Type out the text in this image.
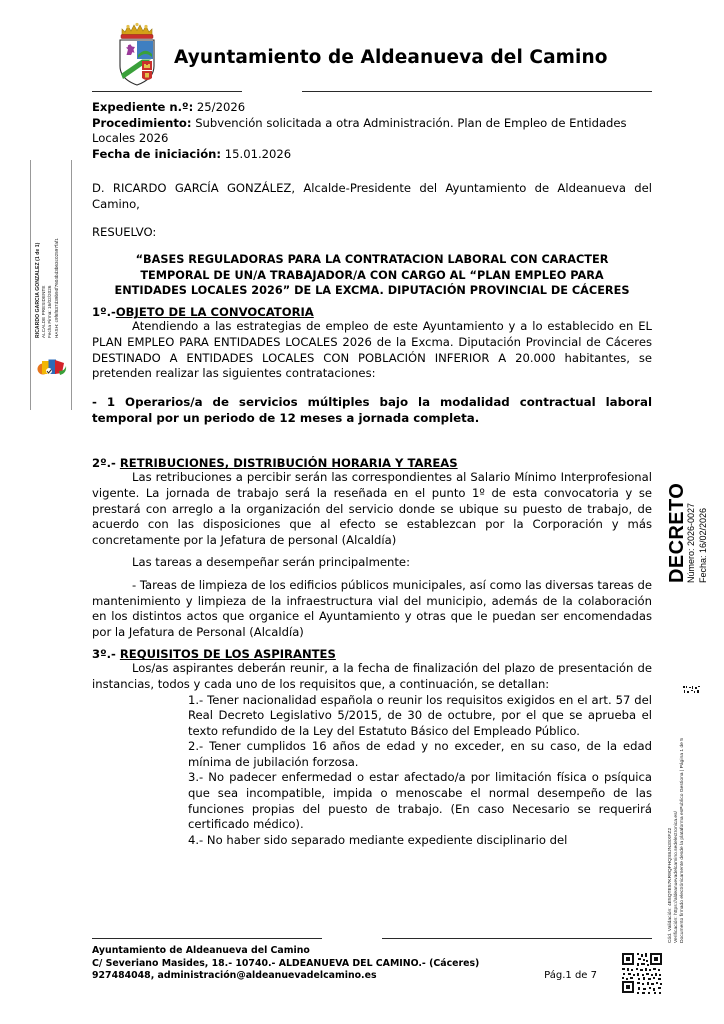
RICARDO GARCIA GONZALEZ (1 de 1) ALCALDE PRESIDENTE Fecha Firma: 16/02/2026 HASH: c9f6f837d39b94f7604bd3b63c02597faf1
DECRETO
Número: 2026-0027 Fecha: 16/02/2026
Cód. Validación: 4E5QTE57KR9QFHQS8JN3SXFZ2 Verificación: https://aldeanuevadelcamino.sedelectronica.es/ Documento firmado electrónicamente desde la plataforma esPublico Gestiona | Página 1 de 5
Ayuntamiento de Aldeanueva del Camino
Expediente n.º: 25/2026
Procedimiento: Subvención solicitada a otra Administración. Plan de Empleo de Entidades Locales 2026
Fecha de iniciación: 15.01.2026

D. RICARDO GARCÍA GONZÁLEZ, Alcalde-Presidente del Ayuntamiento de Aldeanueva del Camino,

RESUELVO:
“BASES REGULADORAS PARA LA CONTRATACION LABORAL CON CARACTER TEMPORAL DE UN/A TRABAJADOR/A CON CARGO AL “PLAN EMPLEO PARA ENTIDADES LOCALES 2026” DE LA EXCMA. DIPUTACIÓN PROVINCIAL DE CÁCERES
1º.-OBJETO DE LA CONVOCATORIA

Atendiendo a las estrategias de empleo de este Ayuntamiento y a lo establecido en EL PLAN EMPLEO PARA ENTIDADES LOCALES 2026 de la Excma. Diputación Provincial de Cáceres DESTINADO A ENTIDADES LOCALES CON POBLACIÓN INFERIOR A 20.000 habitantes, se pretenden realizar las siguientes contrataciones:

- 1 Operarios/a de servicios múltiples bajo la modalidad contractual laboral temporal por un periodo de 12 meses a jornada completa.

2º.- RETRIBUCIONES, DISTRIBUCIÓN HORARIA Y TAREAS

Las retribuciones a percibir serán las correspondientes al Salario Mínimo Interprofesional vigente. La jornada de trabajo será la reseñada en el punto 1º de esta convocatoria y se prestará con arreglo a la organización del servicio donde se ubique su puesto de trabajo, de acuerdo con las disposiciones que al efecto se establezcan por la Corporación y más concretamente por la Jefatura de personal (Alcaldía)

Las tareas a desempeñar serán principalmente:

- Tareas de limpieza de los edificios públicos municipales, así como las diversas tareas de mantenimiento y limpieza de la infraestructura vial del municipio, además de la colaboración en los distintos actos que organice el Ayuntamiento y otras que le puedan ser encomendadas por la Jefatura de Personal (Alcaldía)

3º.- REQUISITOS DE LOS ASPIRANTES

Los/as aspirantes deberán reunir, a la fecha de finalización del plazo de presentación de instancias, todos y cada uno de los requisitos que, a continuación, se detallan:

1.- Tener nacionalidad española o reunir los requisitos exigidos en el art. 57 del Real Decreto Legislativo 5/2015, de 30 de octubre, por el que se aprueba el texto refundido de la Ley del Estatuto Básico del Empleado Público.

2.- Tener cumplidos 16 años de edad y no exceder, en su caso, de la edad mínima de jubilación forzosa.

3.- No padecer enfermedad o estar afectado/a por limitación física o psíquica que sea incompatible, impida o menoscabe el normal desempeño de las funciones propias del puesto de trabajo. (En caso Necesario se requerirá certificado médico).

4.- No haber sido separado mediante expediente disciplinario del

Ayuntamiento de Aldeanueva del Camino
C/ Severiano Masides, 18.- 10740.- ALDEANUEVA DEL CAMINO.- (Cáceres)
927484048, administración@aldeanuevadelcamino.es	Pág.1 de 7
